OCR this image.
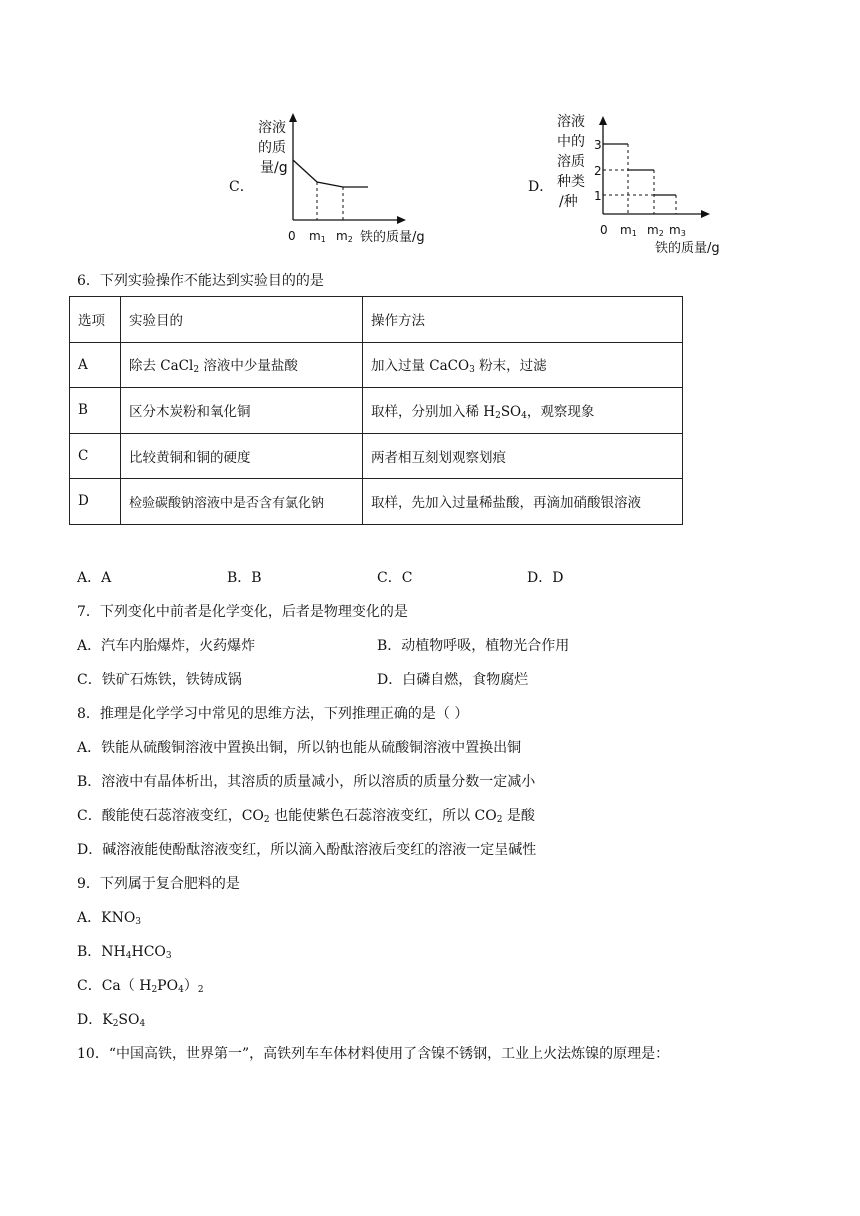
C．
溶液
的质
量/g
0 m1 m2 铁的质量/g
D．
溶液
中的
溶质
种类
/种
3
2
1
0 m1 m2 m3
铁的质量/g
6．下列实验操作不能达到实验目的的是
选项	实验目的	操作方法
A	除去 CaCl$_2$ 溶液中少量盐酸	加入过量 CaCO$_3$ 粉末，过滤
B	区分木炭粉和氧化铜	取样，分别加入稀 $H_2SO_4$，观察现象
C	比较黄铜和铜的硬度	两者相互刻划观察划痕
D	检验碳酸钠溶液中是否含有氯化钠	取样，先加入过量稀盐酸，再滴加硝酸银溶液
A．A	B．B	C．C	D．D
7．下列变化中前者是化学变化，后者是物理变化的是
A．汽车内胎爆炸，火药爆炸	B．动植物呼吸，植物光合作用
C．铁矿石炼铁，铁铸成锅	D．白磷自燃，食物腐烂
8．推理是化学学习中常见的思维方法，下列推理正确的是（ ）
A．铁能从硫酸铜溶液中置换出铜，所以钠也能从硫酸铜溶液中置换出铜
B．溶液中有晶体析出，其溶质的质量减小，所以溶质的质量分数一定减小
C．酸能使石蕊溶液变红，$CO_2$ 也能使紫色石蕊溶液变红，所以 $CO_2$ 是酸
D．碱溶液能使酚酞溶液变红，所以滴入酚酞溶液后变红的溶液一定呈碱性
9．下列属于复合肥料的是
A．$KNO_3$
B．$NH_4HCO_3$
C．Ca（ $H_2PO_4)_2$
D．$K_2SO_4$
10．“中国高铁，世界第一”，高铁列车车体材料使用了含镍不锈钢，工业上火法炼镍的原理是：
